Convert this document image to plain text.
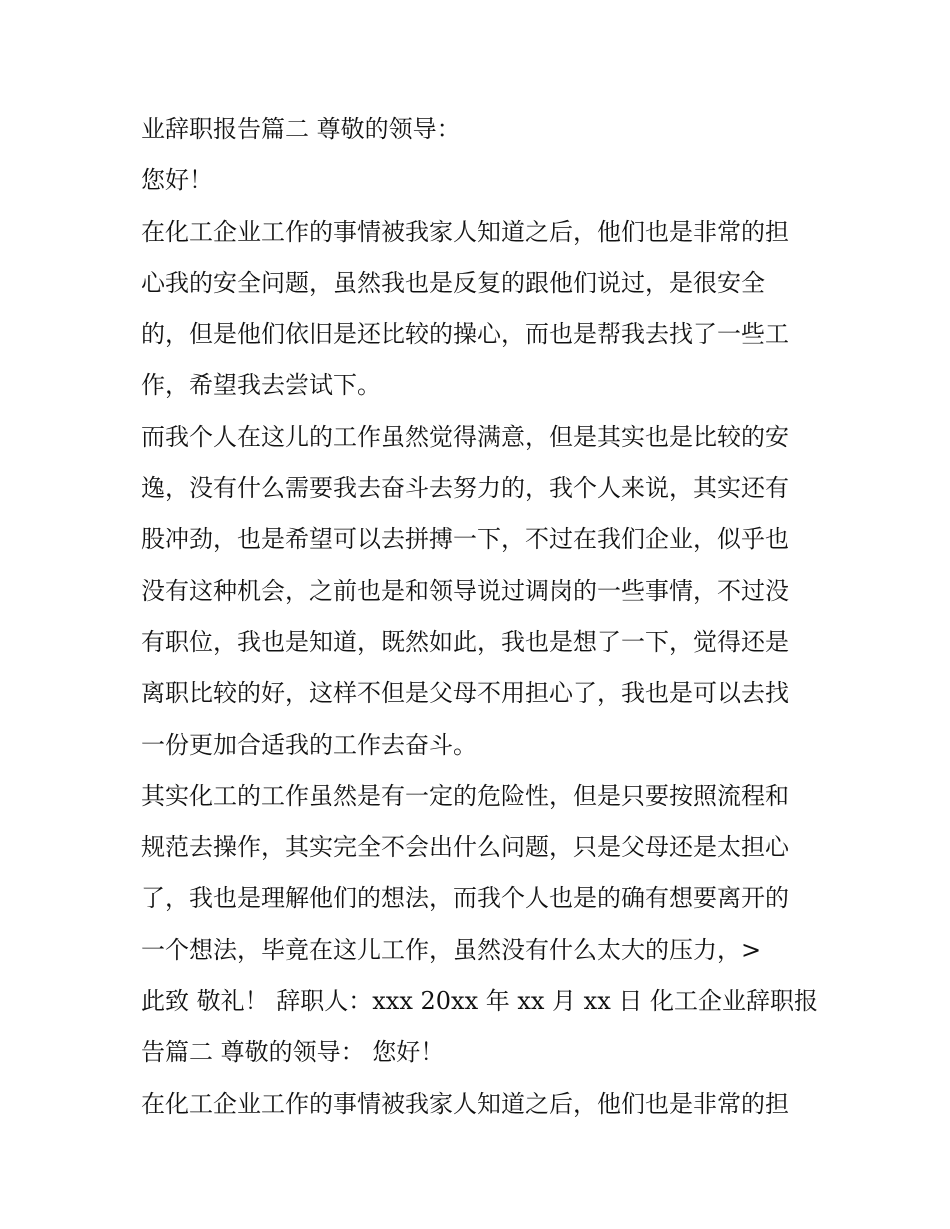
业辞职报告篇二 尊敬的领导：
您好！
在化工企业工作的事情被我家人知道之后，他们也是非常的担
心我的安全问题，虽然我也是反复的跟他们说过，是很安全
的，但是他们依旧是还比较的操心，而也是帮我去找了一些工
作，希望我去尝试下。
而我个人在这儿的工作虽然觉得满意，但是其实也是比较的安
逸，没有什么需要我去奋斗去努力的，我个人来说，其实还有
股冲劲，也是希望可以去拼搏一下，不过在我们企业，似乎也
没有这种机会，之前也是和领导说过调岗的一些事情，不过没
有职位，我也是知道，既然如此，我也是想了一下，觉得还是
离职比较的好，这样不但是父母不用担心了，我也是可以去找
一份更加合适我的工作去奋斗。
其实化工的工作虽然是有一定的危险性，但是只要按照流程和
规范去操作，其实完全不会出什么问题，只是父母还是太担心
了，我也是理解他们的想法，而我个人也是的确有想要离开的
一个想法，毕竟在这儿工作，虽然没有什么太大的压力，>
此致 敬礼！ 辞职人：xxx 20xx 年 xx 月 xx 日 化工企业辞职报
告篇二 尊敬的领导： 您好！
在化工企业工作的事情被我家人知道之后，他们也是非常的担
